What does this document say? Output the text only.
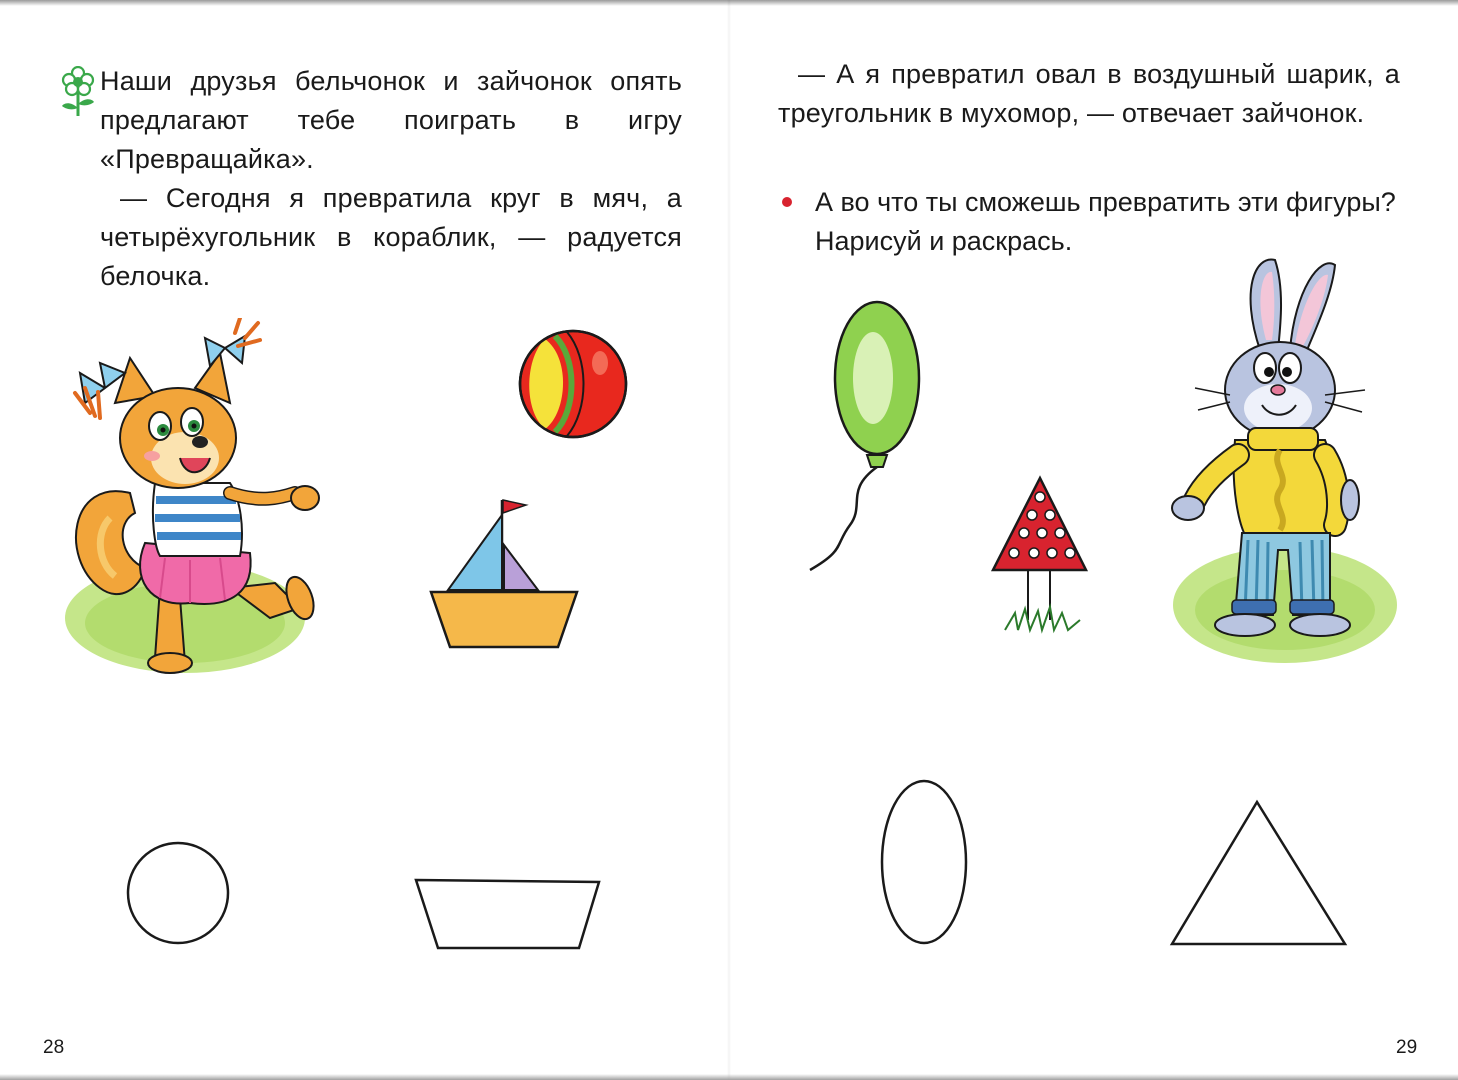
Наши друзья бельчонок и зайчонок опять предлагают тебе поиграть в игру «Превращайка».

— Сегодня я превратила круг в мяч, а четырёхугольник в кораблик, — радуется белочка.

— А я превратил овал в воздушный шарик, а треугольник в мухомор, — отвечает зайчонок.

А во что ты сможешь превратить эти фигуры?

Нарисуй и раскрась.

28	29
